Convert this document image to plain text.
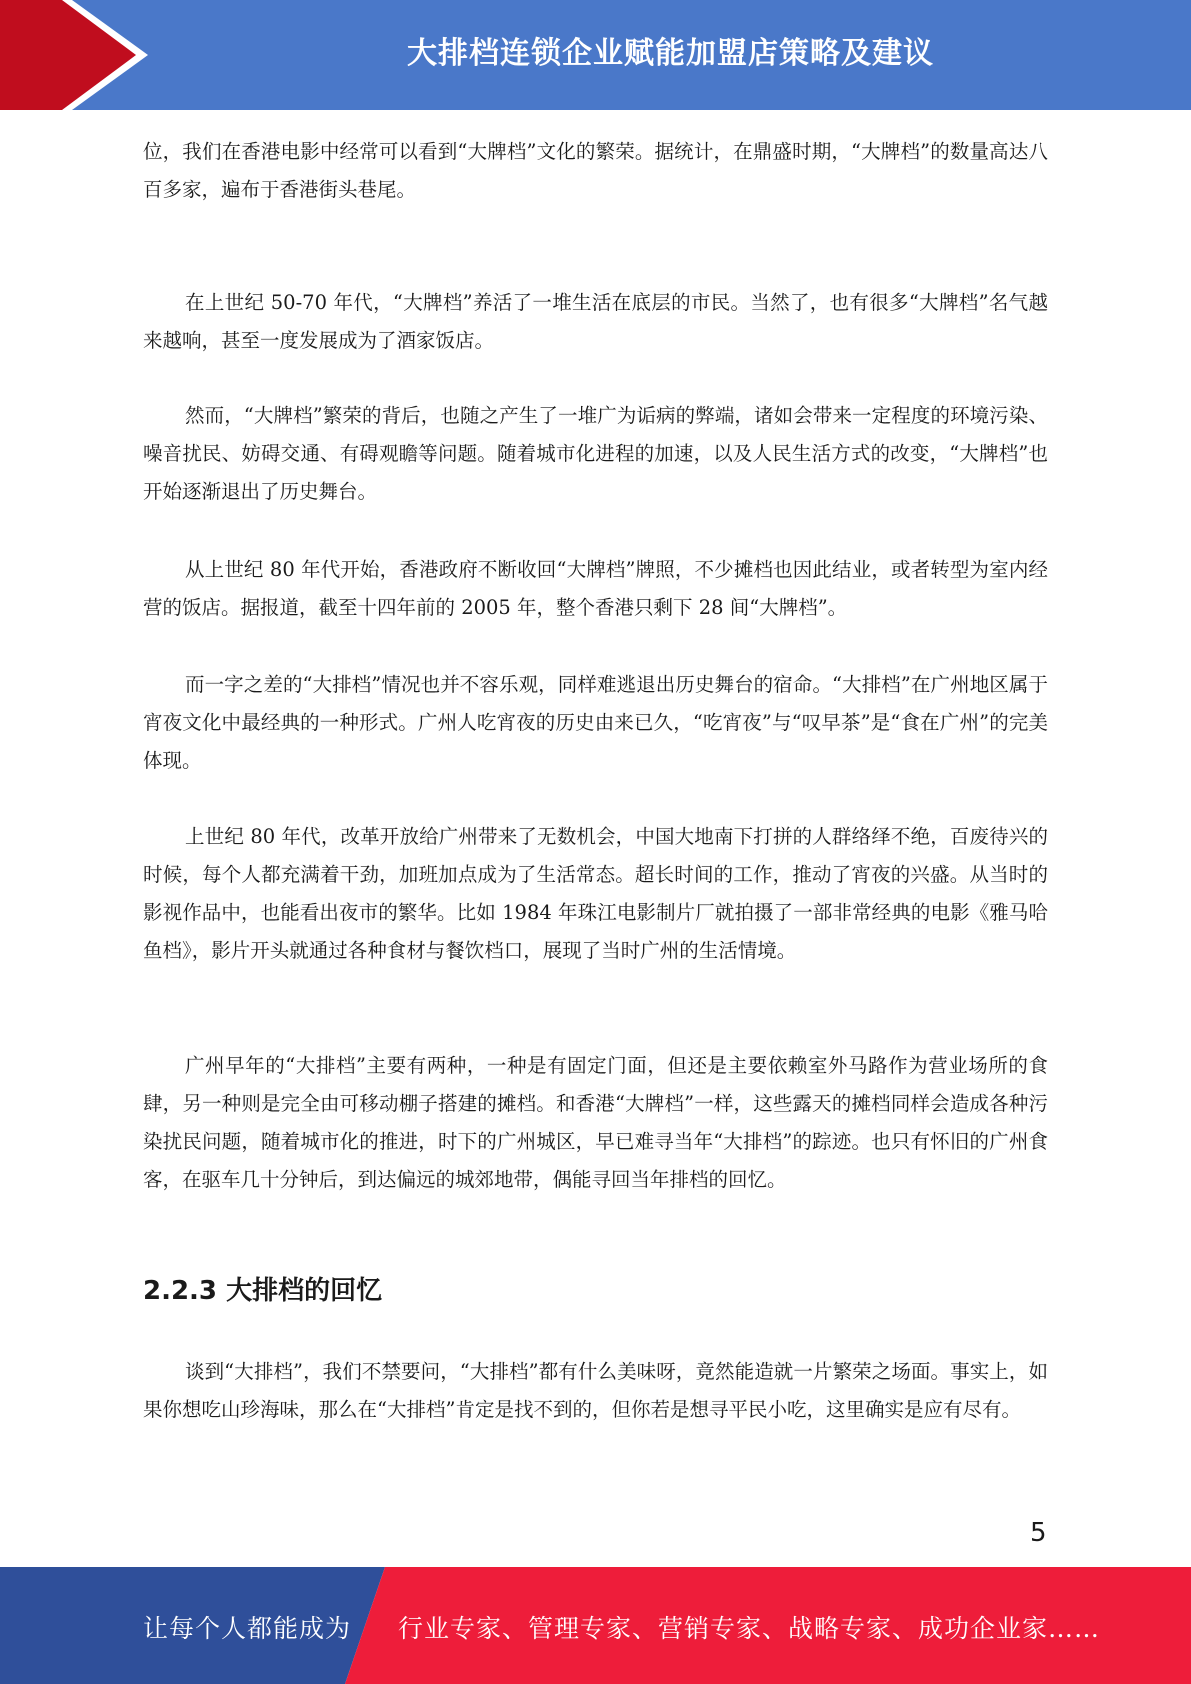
大排档连锁企业赋能加盟店策略及建议

位，我们在香港电影中经常可以看到“大牌档”文化的繁荣。据统计，在鼎盛时期，“大牌档”的数量高达八百多家，遍布于香港街头巷尾。

在上世纪 50-70 年代，“大牌档”养活了一堆生活在底层的市民。当然了，也有很多“大牌档”名气越来越响，甚至一度发展成为了酒家饭店。

然而，“大牌档”繁荣的背后，也随之产生了一堆广为诟病的弊端，诸如会带来一定程度的环境污染、噪音扰民、妨碍交通、有碍观瞻等问题。随着城市化进程的加速，以及人民生活方式的改变，“大牌档”也开始逐渐退出了历史舞台。

从上世纪 80 年代开始，香港政府不断收回“大牌档”牌照，不少摊档也因此结业，或者转型为室内经营的饭店。据报道，截至十四年前的 2005 年，整个香港只剩下 28 间“大牌档”。

而一字之差的“大排档”情况也并不容乐观，同样难逃退出历史舞台的宿命。“大排档”在广州地区属于宵夜文化中最经典的一种形式。广州人吃宵夜的历史由来已久，“吃宵夜”与“叹早茶”是“食在广州”的完美体现。

上世纪 80 年代，改革开放给广州带来了无数机会，中国大地南下打拼的人群络绎不绝，百废待兴的时候，每个人都充满着干劲，加班加点成为了生活常态。超长时间的工作，推动了宵夜的兴盛。从当时的影视作品中，也能看出夜市的繁华。比如 1984 年珠江电影制片厂就拍摄了一部非常经典的电影《雅马哈鱼档》，影片开头就通过各种食材与餐饮档口，展现了当时广州的生活情境。

广州早年的“大排档”主要有两种，一种是有固定门面，但还是主要依赖室外马路作为营业场所的食肆，另一种则是完全由可移动棚子搭建的摊档。和香港“大牌档”一样，这些露天的摊档同样会造成各种污染扰民问题，随着城市化的推进，时下的广州城区，早已难寻当年“大排档”的踪迹。也只有怀旧的广州食客，在驱车几十分钟后，到达偏远的城郊地带，偶能寻回当年排档的回忆。

2.2.3 大排档的回忆

谈到“大排档”，我们不禁要问，“大排档”都有什么美味呀，竟然能造就一片繁荣之场面。事实上，如果你想吃山珍海味，那么在“大排档”肯定是找不到的，但你若是想寻平民小吃，这里确实是应有尽有。

5
让每个人都能成为 行业专家、管理专家、营销专家、战略专家、成功企业家……
